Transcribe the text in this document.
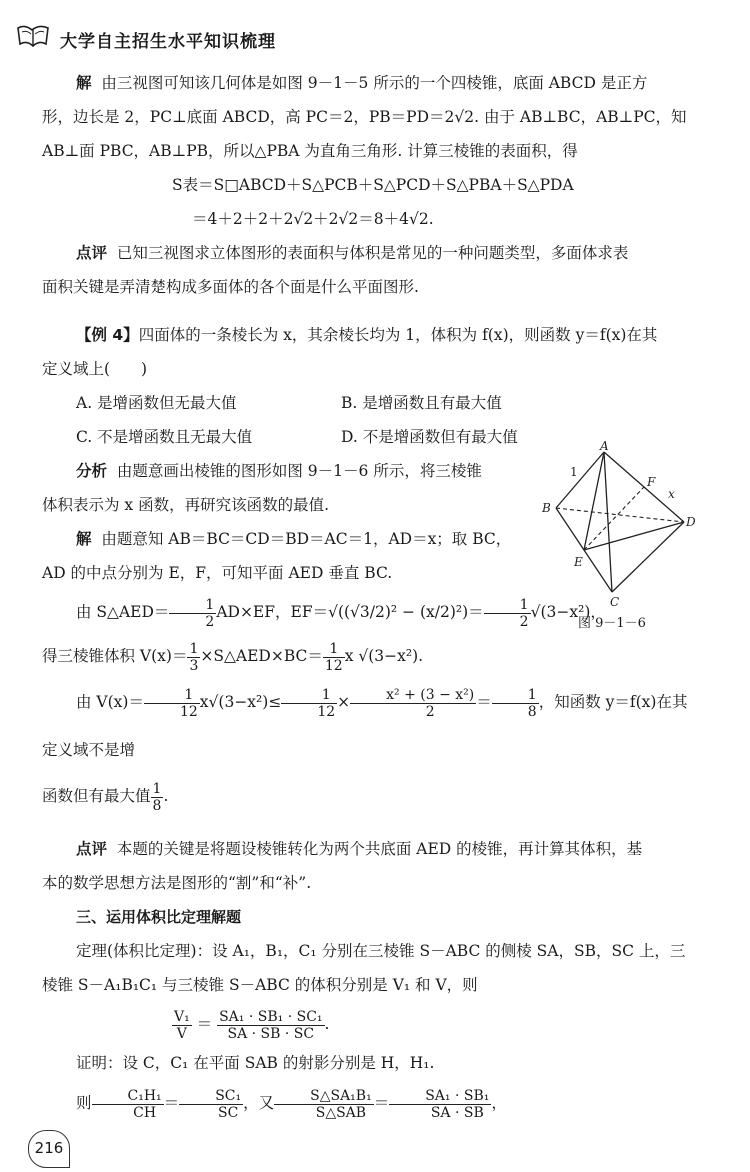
大学自主招生水平知识梳理

解 由三视图可知该几何体是如图 9－1－5 所示的一个四棱锥，底面 ABCD 是正方

形，边长是 2，PC⊥底面 ABCD，高 PC＝2，PB＝PD＝2√2. 由于 AB⊥BC，AB⊥PC，知

AB⊥面 PBC，AB⊥PB，所以△PBA 为直角三角形. 计算三棱锥的表面积，得

S表＝S□ABCD＋S△PCB＋S△PCD＋S△PBA＋S△PDA

＝4＋2＋2＋2√2＋2√2＝8＋4√2.

点评 已知三视图求立体图形的表面积与体积是常见的一种问题类型，多面体求表

面积关键是弄清楚构成多面体的各个面是什么平面图形.

【例 4】四面体的一条棱长为 x，其余棱长均为 1，体积为 f(x)，则函数 y＝f(x)在其

定义域上(　　)

A. 是增函数但无最大值	B. 是增函数且有最大值
C. 不是增函数且无最大值	D. 不是增函数但有最大值

分析 由题意画出棱锥的图形如图 9－1－6 所示，将三棱锥

体积表示为 x 函数，再研究该函数的最值.

解 由题意知 AB＝BC＝CD＝BD＝AC＝1，AD＝x；取 BC，

AD 的中点分别为 E，F，可知平面 AED 垂直 BC.

由 S△AED＝ $\frac{1}{2} AD\times EF$，$EF=√((√3/2)^2 - (x/2)^2)= \frac{1}{2} √(3-x^2)$，

得三棱锥体积 $V(x)= \frac{1}{3}$ ×S△AED×BC＝ $\frac{1}{12}$ x √(3−x²).

由 $V(x)= \frac{1}{12} x√(3-x^2)\le \frac{1}{12} \times \frac{\text{x² + (3 − x²)}}{2} = \frac{1}{8}$ ，知函数 y＝f(x)在其定义域不是增

函数但有最大值 $\frac{1}{8}$ .

点评 本题的关键是将题设棱锥转化为两个共底面 AED 的棱锥，再计算其体积，基

本的数学思想方法是图形的“割”和“补”.

三、运用体积比定理解题

定理(体积比定理)：设 A₁，B₁，C₁ 分别在三棱锥 S－ABC 的侧棱 SA，SB，SC 上，三

棱锥 S－A₁B₁C₁ 与三棱锥 S－ABC 的体积分别是 V₁ 和 V，则

$\frac{\text{V₁}}{V} = \frac{\text{SA₁ · SB₁ · SC₁}}{SA \cdot SB \cdot SC}$ .

证明：设 C，C₁ 在平面 SAB 的射影分别是 H，H₁.

则 $\frac{\text{C₁H₁}}{CH} = \frac{\text{SC₁}}{SC}$ ，又 $\frac{\text{S△SA₁B₁}}{\text{S△SAB}} = \frac{\text{SA₁ · SB₁}}{SA \cdot SB}$ ，

A
B
C
D
E
F
1
x
图 9－1－6
216
